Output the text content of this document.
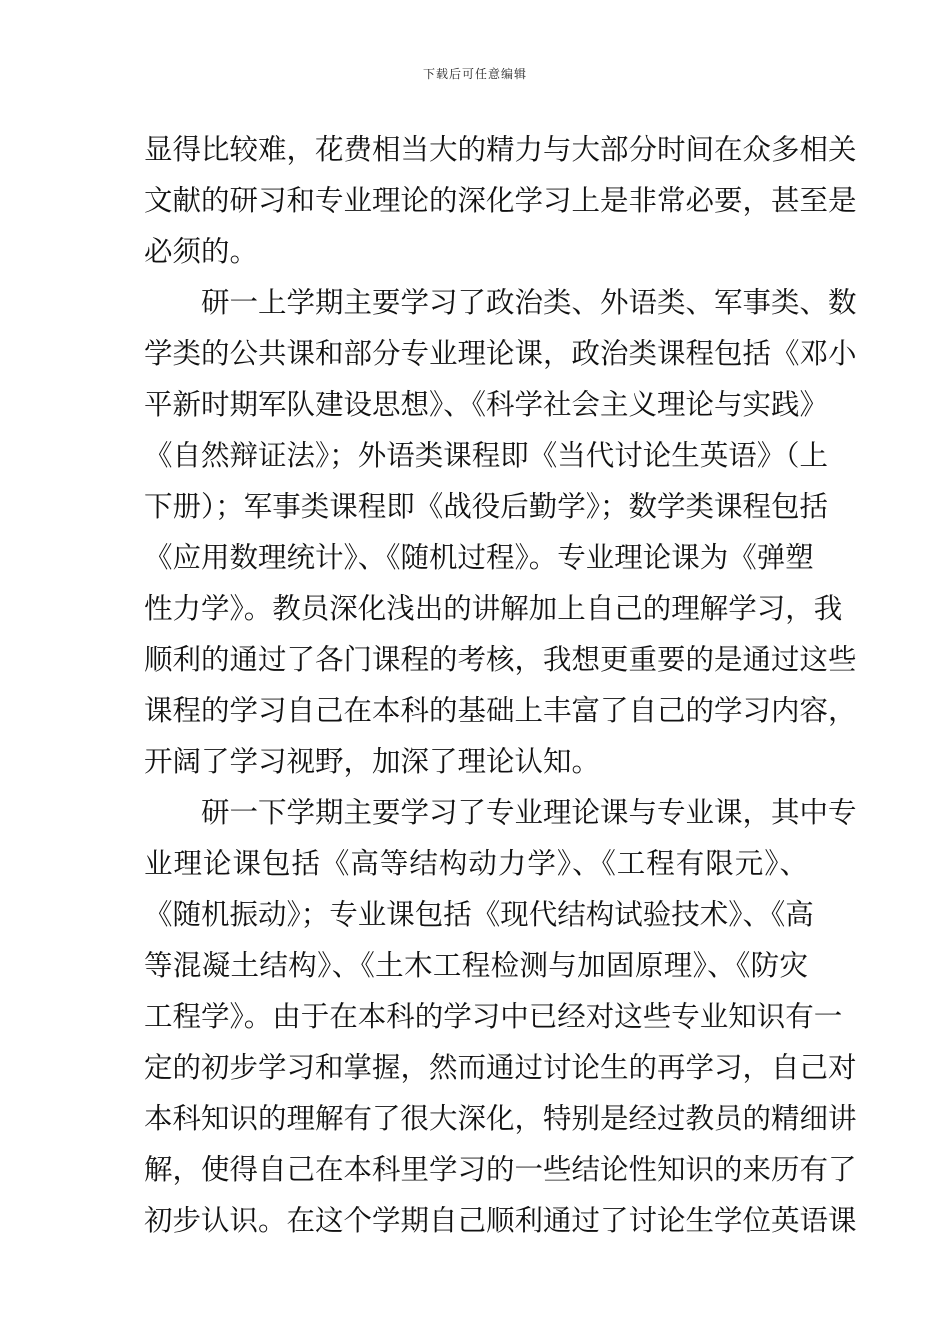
下载后可任意编辑
显得比较难，花费相当大的精力与大部分时间在众多相关
文献的研习和专业理论的深化学习上是非常必要，甚至是
必须的。
研一上学期主要学习了政治类、外语类、军事类、数
学类的公共课和部分专业理论课，政治类课程包括《邓小
平新时期军队建设思想》、《科学社会主义理论与实践》
《自然辩证法》；外语类课程即《当代讨论生英语》（上
下册）；军事类课程即《战役后勤学》；数学类课程包括
《应用数理统计》、《随机过程》。专业理论课为《弹塑
性力学》。教员深化浅出的讲解加上自己的理解学习，我
顺利的通过了各门课程的考核，我想更重要的是通过这些
课程的学习自己在本科的基础上丰富了自己的学习内容，
开阔了学习视野，加深了理论认知。
研一下学期主要学习了专业理论课与专业课，其中专
业理论课包括《高等结构动力学》、《工程有限元》、
《随机振动》；专业课包括《现代结构试验技术》、《高
等混凝土结构》、《土木工程检测与加固原理》、《防灾
工程学》。由于在本科的学习中已经对这些专业知识有一
定的初步学习和掌握，然而通过讨论生的再学习，自己对
本科知识的理解有了很大深化，特别是经过教员的精细讲
解，使得自己在本科里学习的一些结论性知识的来历有了
初步认识。在这个学期自己顺利通过了讨论生学位英语课
